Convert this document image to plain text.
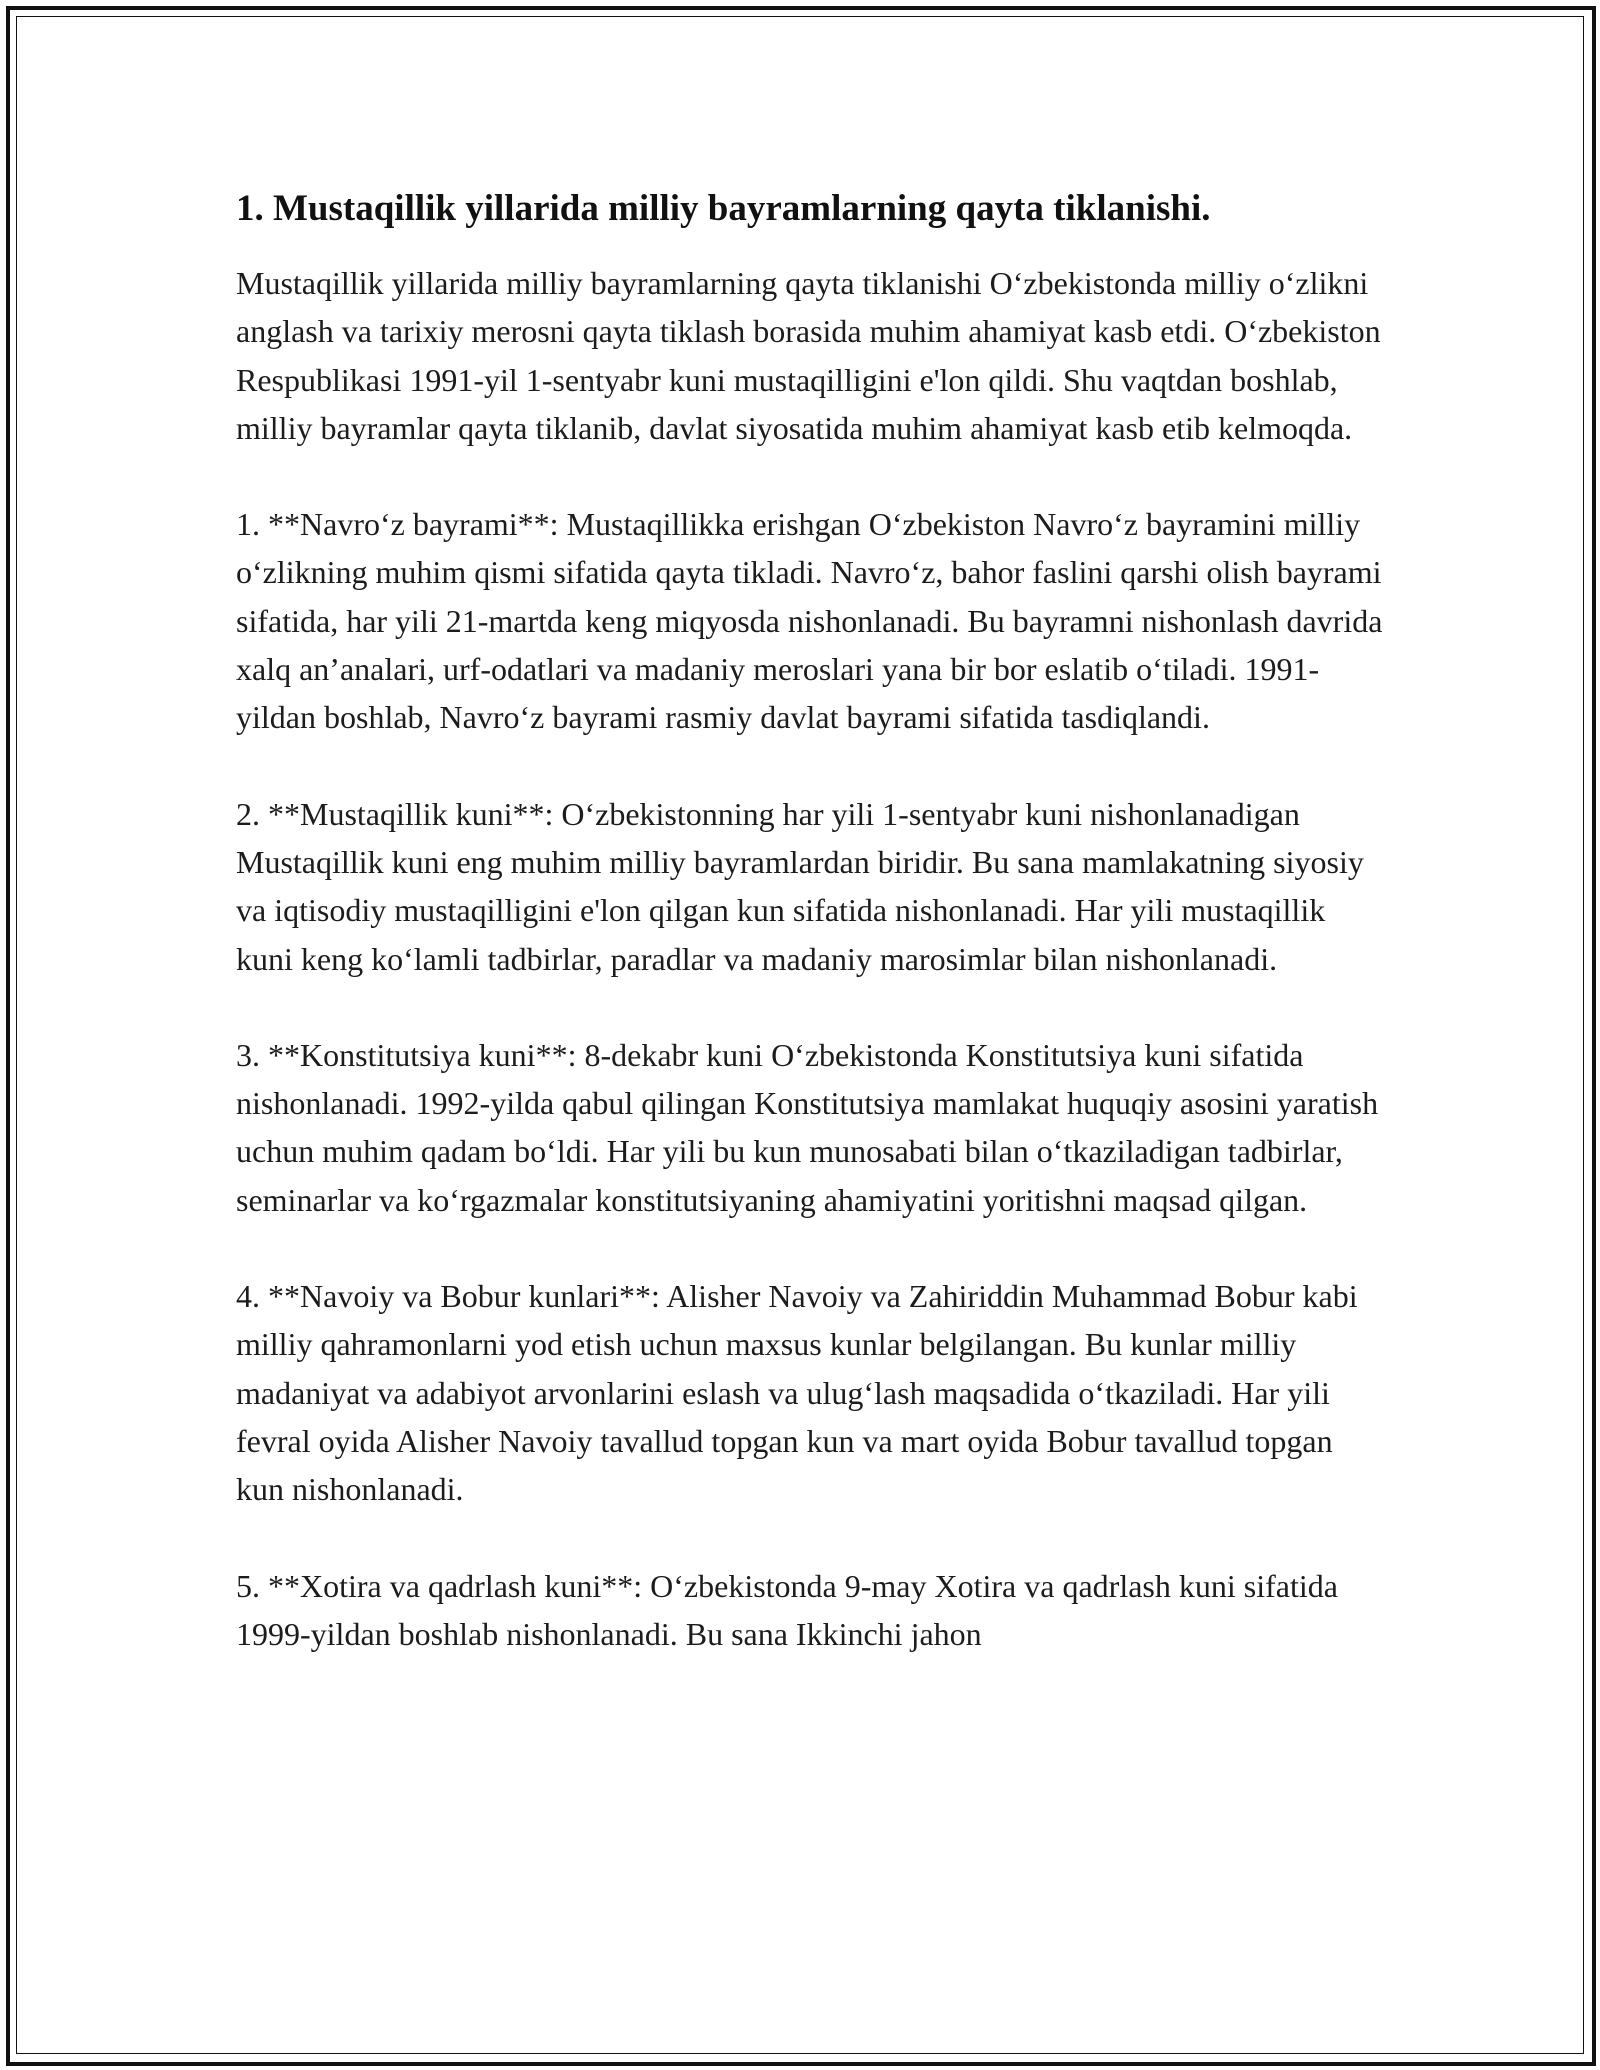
1. Mustaqillik yillarida milliy bayramlarning qayta tiklanishi.

Mustaqillik yillarida milliy bayramlarning qayta tiklanishi O‘zbekistonda milliy o‘zlikni anglash va tarixiy merosni qayta tiklash borasida muhim ahamiyat kasb etdi. O‘zbekiston Respublikasi 1991-yil 1-sentyabr kuni mustaqilligini e'lon qildi. Shu vaqtdan boshlab, milliy bayramlar qayta tiklanib, davlat siyosatida muhim ahamiyat kasb etib kelmoqda.

1. **Navro‘z bayrami**: Mustaqillikka erishgan O‘zbekiston Navro‘z bayramini milliy o‘zlikning muhim qismi sifatida qayta tikladi. Navro‘z, bahor faslini qarshi olish bayrami sifatida, har yili 21-martda keng miqyosda nishonlanadi. Bu bayramni nishonlash davrida xalq an’analari, urf-odatlari va madaniy meroslari yana bir bor eslatib o‘tiladi. 1991-yildan boshlab, Navro‘z bayrami rasmiy davlat bayrami sifatida tasdiqlandi.

2. **Mustaqillik kuni**: O‘zbekistonning har yili 1-sentyabr kuni nishonlanadigan Mustaqillik kuni eng muhim milliy bayramlardan biridir. Bu sana mamlakatning siyosiy va iqtisodiy mustaqilligini e'lon qilgan kun sifatida nishonlanadi. Har yili mustaqillik kuni keng ko‘lamli tadbirlar, paradlar va madaniy marosimlar bilan nishonlanadi.

3. **Konstitutsiya kuni**: 8-dekabr kuni O‘zbekistonda Konstitutsiya kuni sifatida nishonlanadi. 1992-yilda qabul qilingan Konstitutsiya mamlakat huquqiy asosini yaratish uchun muhim qadam bo‘ldi. Har yili bu kun munosabati bilan o‘tkaziladigan tadbirlar, seminarlar va ko‘rgazmalar konstitutsiyaning ahamiyatini yoritishni maqsad qilgan.

4. **Navoiy va Bobur kunlari**: Alisher Navoiy va Zahiriddin Muhammad Bobur kabi milliy qahramonlarni yod etish uchun maxsus kunlar belgilangan. Bu kunlar milliy madaniyat va adabiyot arvonlarini eslash va ulug‘lash maqsadida o‘tkaziladi. Har yili fevral oyida Alisher Navoiy tavallud topgan kun va mart oyida Bobur tavallud topgan kun nishonlanadi.

5. **Xotira va qadrlash kuni**: O‘zbekistonda 9-may Xotira va qadrlash kuni sifatida 1999-yildan boshlab nishonlanadi. Bu sana Ikkinchi jahon
